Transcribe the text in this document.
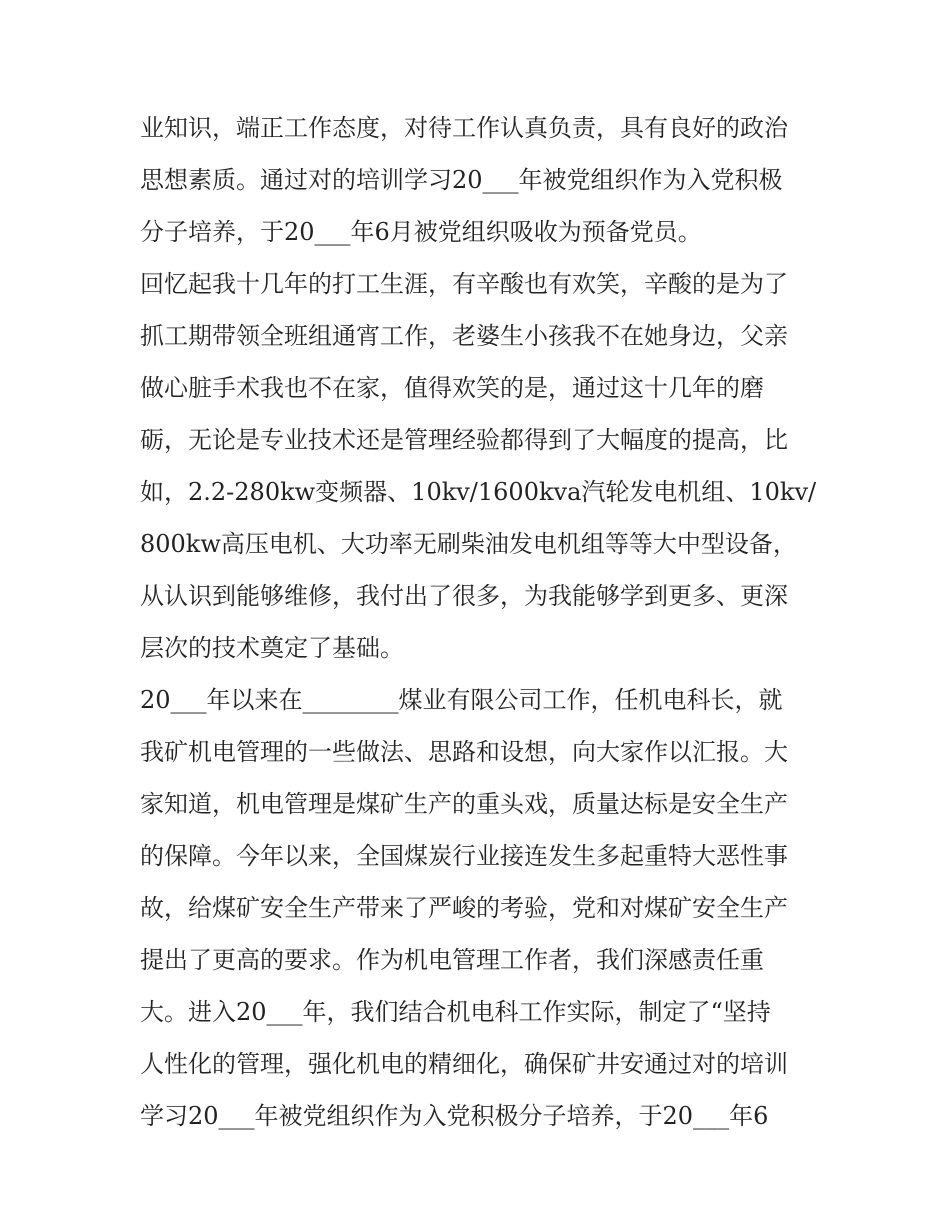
业知识，端正工作态度，对待工作认真负责，具有良好的政治
思想素质。通过对的培训学习20___年被党组织作为入党积极
分子培养，于20___年6月被党组织吸收为预备党员。
回忆起我十几年的打工生涯，有辛酸也有欢笑，辛酸的是为了
抓工期带领全班组通宵工作，老婆生小孩我不在她身边，父亲
做心脏手术我也不在家，值得欢笑的是，通过这十几年的磨
砺，无论是专业技术还是管理经验都得到了大幅度的提高，比
如，2.2-280kw变频器、10kv/1600kva汽轮发电机组、10kv/
800kw高压电机、大功率无刷柴油发电机组等等大中型设备，
从认识到能够维修，我付出了很多，为我能够学到更多、更深
层次的技术奠定了基础。
20___年以来在________煤业有限公司工作，任机电科长，就
我矿机电管理的一些做法、思路和设想，向大家作以汇报。大
家知道，机电管理是煤矿生产的重头戏，质量达标是安全生产
的保障。今年以来，全国煤炭行业接连发生多起重特大恶性事
故，给煤矿安全生产带来了严峻的考验，党和对煤矿安全生产
提出了更高的要求。作为机电管理工作者，我们深感责任重
大。进入20___年，我们结合机电科工作实际，制定了“坚持
人性化的管理，强化机电的精细化，确保矿井安通过对的培训
学习20___年被党组织作为入党积极分子培养，于20___年6
